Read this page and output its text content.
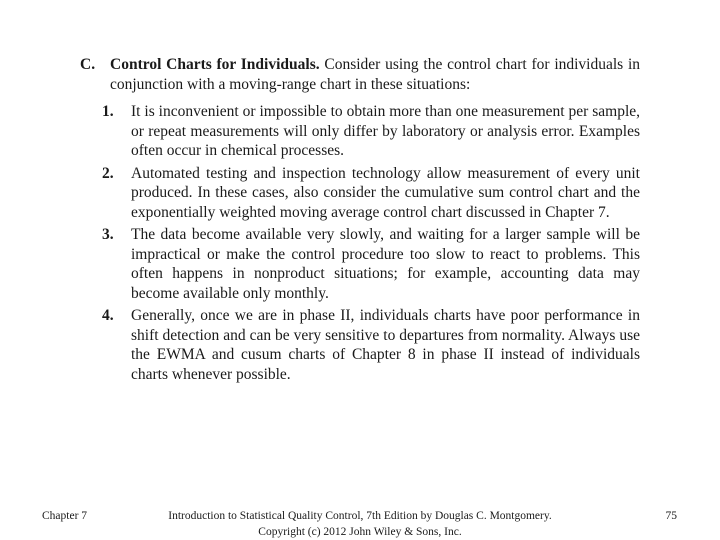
C. Control Charts for Individuals. Consider using the control chart for individuals in conjunction with a moving-range chart in these situations:
1.	It is inconvenient or impossible to obtain more than one measurement per sample, or repeat measurements will only differ by laboratory or analysis error. Examples often occur in chemical processes.
2.	Automated testing and inspection technology allow measurement of every unit produced. In these cases, also consider the cumulative sum control chart and the exponentially weighted moving average control chart discussed in Chapter 7.
3.	The data become available very slowly, and waiting for a larger sample will be impractical or make the control procedure too slow to react to problems. This often happens in nonproduct situations; for example, accounting data may become available only monthly.
4.	Generally, once we are in phase II, individuals charts have poor performance in shift detection and can be very sensitive to departures from normality. Always use the EWMA and cusum charts of Chapter 8 in phase II instead of individuals charts whenever possible.
Chapter 7	Introduction to Statistical Quality Control, 7th Edition by Douglas C. Montgomery.
Copyright (c) 2012 John Wiley & Sons, Inc.
75
